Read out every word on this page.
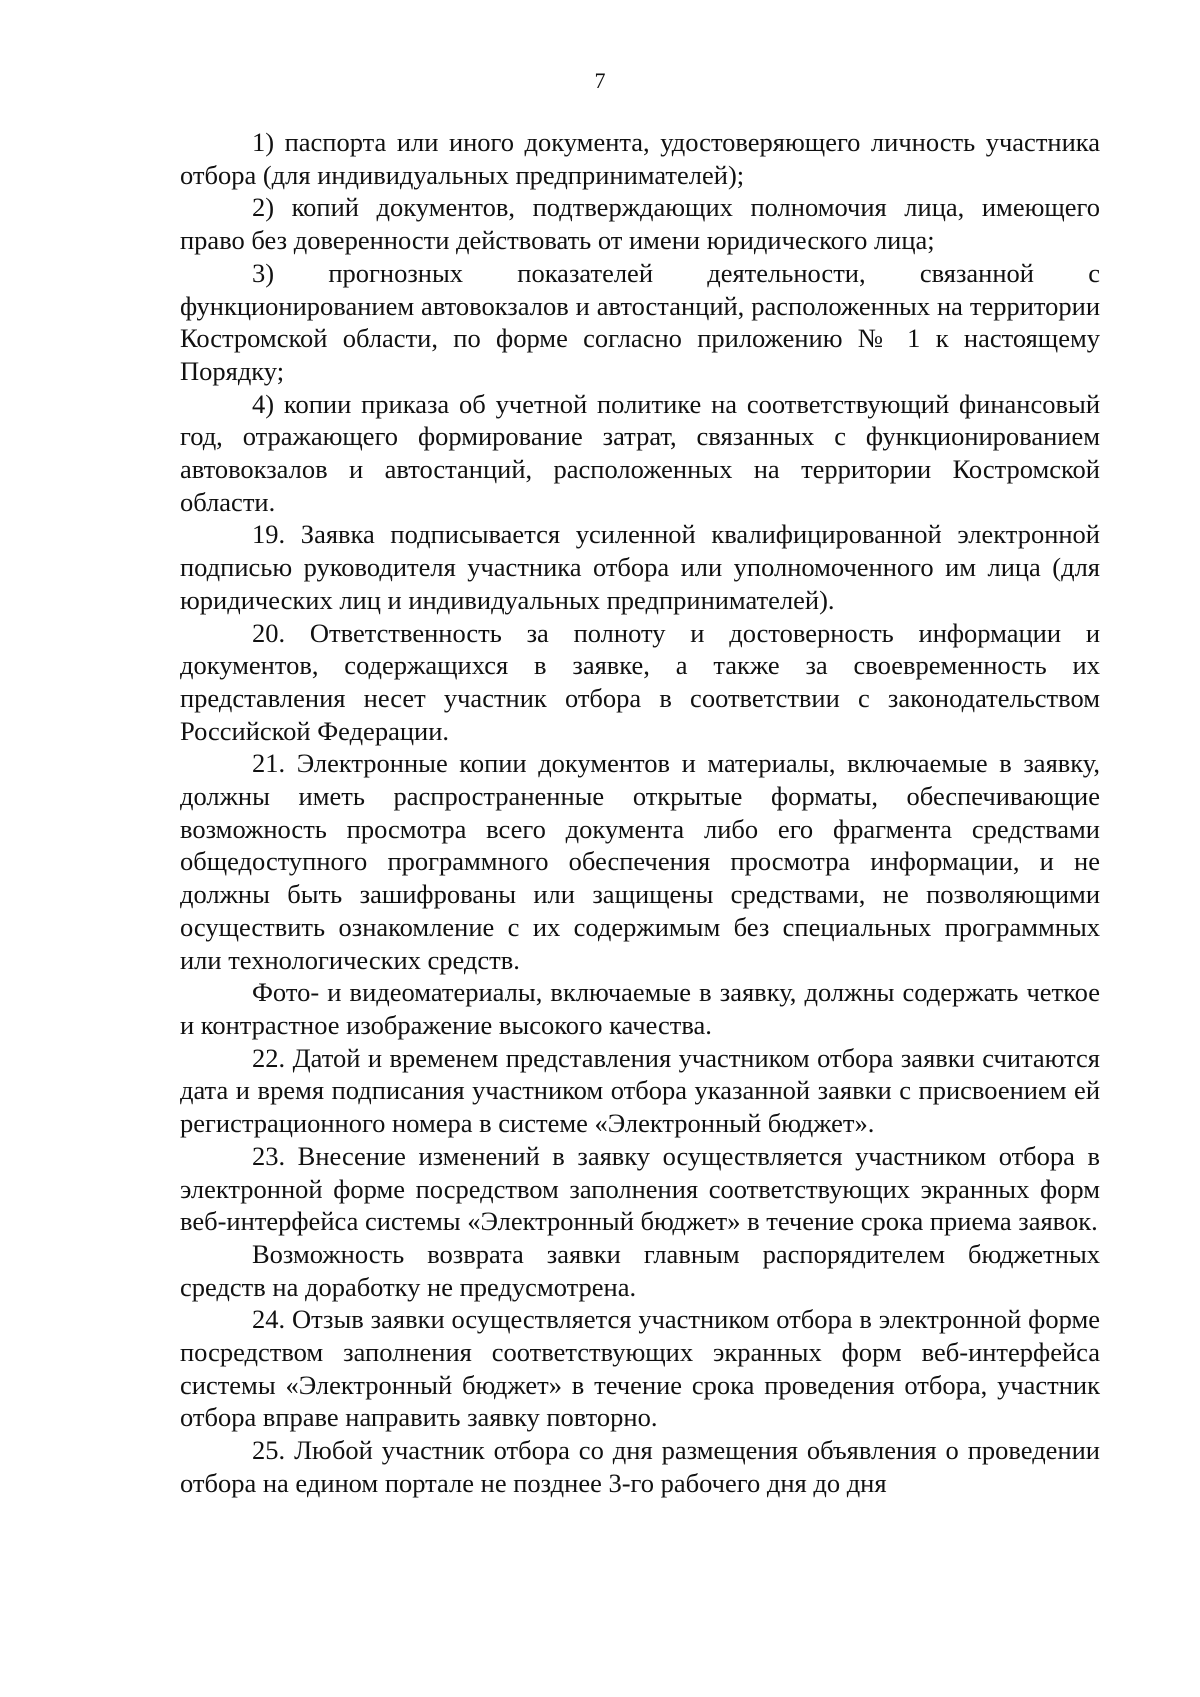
7

1) паспорта или иного документа, удостоверяющего личность участника отбора (для индивидуальных предпринимателей);

2) копий документов, подтверждающих полномочия лица, имеющего право без доверенности действовать от имени юридического лица;

3) прогнозных показателей деятельности, связанной с функционированием автовокзалов и автостанций, расположенных на территории Костромской области, по форме согласно приложению № 1 к настоящему Порядку;

4) копии приказа об учетной политике на соответствующий финансовый год, отражающего формирование затрат, связанных с функционированием автовокзалов и автостанций, расположенных на территории Костромской области.

19. Заявка подписывается усиленной квалифицированной электронной подписью руководителя участника отбора или уполномоченного им лица (для юридических лиц и индивидуальных предпринимателей).

20. Ответственность за полноту и достоверность информации и документов, содержащихся в заявке, а также за своевременность их представления несет участник отбора в соответствии с законодательством Российской Федерации.

21. Электронные копии документов и материалы, включаемые в заявку, должны иметь распространенные открытые форматы, обеспечивающие возможность просмотра всего документа либо его фрагмента средствами общедоступного программного обеспечения просмотра информации, и не должны быть зашифрованы или защищены средствами, не позволяющими осуществить ознакомление с их содержимым без специальных программных или технологических средств.

Фото- и видеоматериалы, включаемые в заявку, должны содержать четкое и контрастное изображение высокого качества.

22. Датой и временем представления участником отбора заявки считаются дата и время подписания участником отбора указанной заявки с присвоением ей регистрационного номера в системе «Электронный бюджет».

23. Внесение изменений в заявку осуществляется участником отбора в электронной форме посредством заполнения соответствующих экранных форм веб-интерфейса системы «Электронный бюджет» в течение срока приема заявок.

Возможность возврата заявки главным распорядителем бюджетных средств на доработку не предусмотрена.

24. Отзыв заявки осуществляется участником отбора в электронной форме посредством заполнения соответствующих экранных форм веб-интерфейса системы «Электронный бюджет» в течение срока проведения отбора, участник отбора вправе направить заявку повторно.

25. Любой участник отбора со дня размещения объявления о проведении отбора на едином портале не позднее 3-го рабочего дня до дня
